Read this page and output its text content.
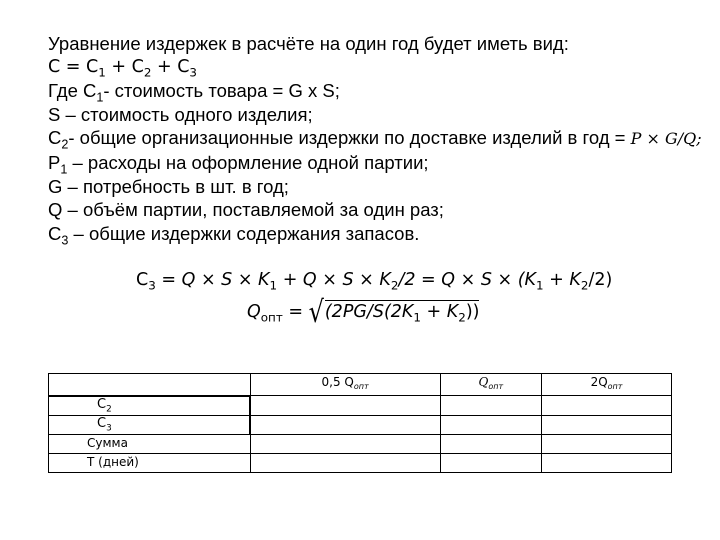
Уравнение издержек в расчёте на один год будет иметь вид:
$C = C_1 + C_2 + C_3$
Где $C_1-$ стоимость товара = G x S;
S – стоимость одного изделия;
$C_2-$ общие организационные издержки по доставке изделий в год = P × G/Q;
$P_1$ – расходы на оформление одной партии;
G – потребность в шт. в год;
Q – объём партии, поставляемой за один раз;
$C_3$ – общие издержки содержания запасов.
$C_3 = Q \times S \times K_1 + Q \times S \times K_2/2 = Q \times S \times (K_1 + K_2/2)$
$Q_{опт} = √(2PG/S(2K_1 + K_2))$
	0,5 $Q_{опт}$	$Q_{опт}$	$2Q_{опт}$
$C_2$			
$C_3$			
Сумма			
T (дней)			
